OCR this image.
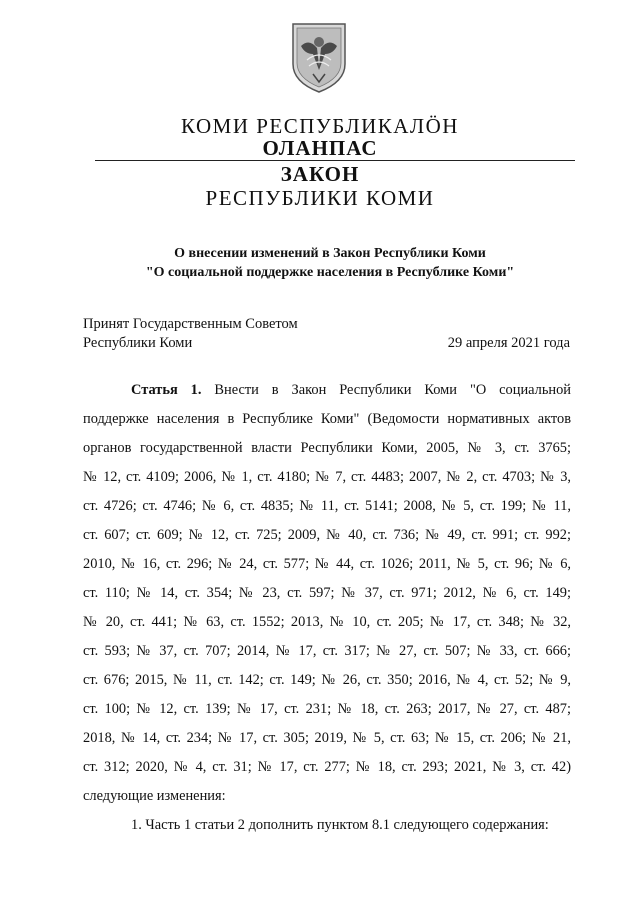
КОМИ РЕСПУБЛИКАЛÖН
ОЛАНПАС
ЗАКОН
РЕСПУБЛИКИ КОМИ
О внесении изменений в Закон Республики Коми
"О социальной поддержке населения в Республике Коми"
Принят Государственным Советом
Республики Коми	29 апреля 2021 года
Статья 1. Внести в Закон Республики Коми "О социальной
поддержке населения в Республике Коми" (Ведомости нормативных актов
органов государственной власти Республики Коми, 2005, № 3, ст. 3765;
№ 12, ст. 4109; 2006, № 1, ст. 4180; № 7, ст. 4483; 2007, № 2, ст. 4703; № 3,
ст. 4726; ст. 4746; № 6, ст. 4835; № 11, ст. 5141; 2008, № 5, ст. 199; № 11,
ст. 607; ст. 609; № 12, ст. 725; 2009, № 40, ст. 736; № 49, ст. 991; ст. 992;
2010, № 16, ст. 296; № 24, ст. 577; № 44, ст. 1026; 2011, № 5, ст. 96; № 6,
ст. 110; № 14, ст. 354; № 23, ст. 597; № 37, ст. 971; 2012, № 6, ст. 149;
№ 20, ст. 441; № 63, ст. 1552; 2013, № 10, ст. 205; № 17, ст. 348; № 32,
ст. 593; № 37, ст. 707; 2014, № 17, ст. 317; № 27, ст. 507; № 33, ст. 666;
ст. 676; 2015, № 11, ст. 142; ст. 149; № 26, ст. 350; 2016, № 4, ст. 52; № 9,
ст. 100; № 12, ст. 139; № 17, ст. 231; № 18, ст. 263; 2017, № 27, ст. 487;
2018, № 14, ст. 234; № 17, ст. 305; 2019, № 5, ст. 63; № 15, ст. 206; № 21,
ст. 312; 2020, № 4, ст. 31; № 17, ст. 277; № 18, ст. 293; 2021, № 3, ст. 42)
следующие изменения:
1. Часть 1 статьи 2 дополнить пунктом 8.1 следующего содержания:
